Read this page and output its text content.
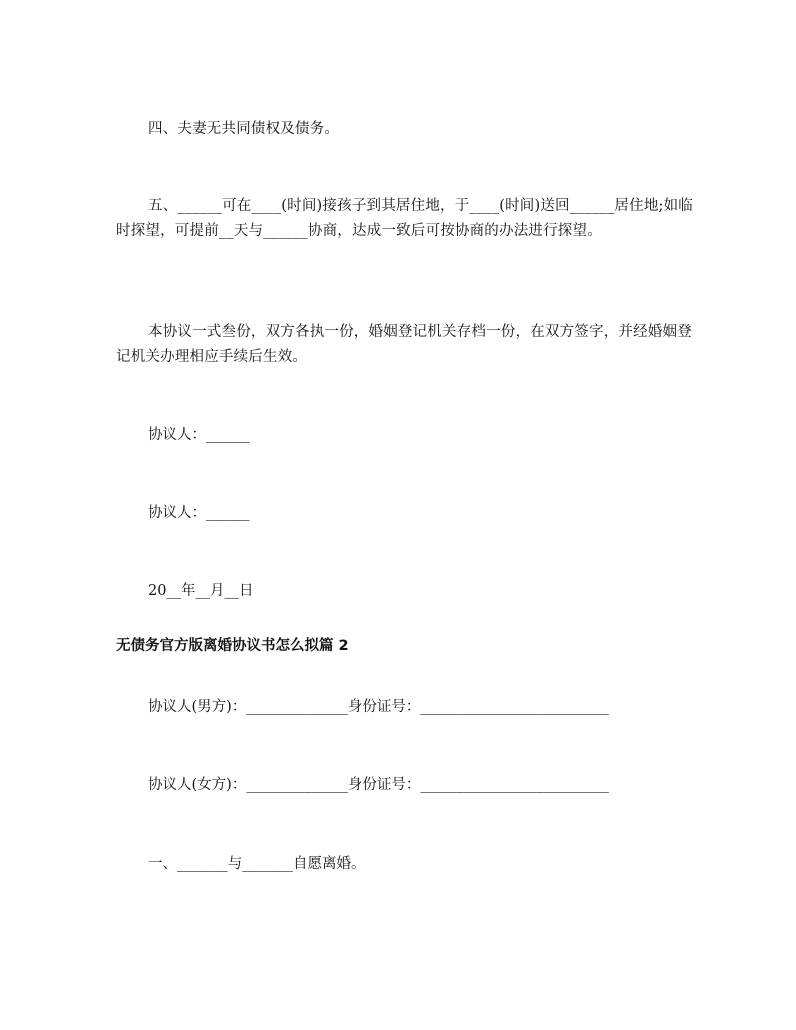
四、夫妻无共同债权及债务。

五、______可在____(时间)接孩子到其居住地，于____(时间)送回______居住地;如临时探望，可提前__天与______协商，达成一致后可按协商的办法进行探望。

本协议一式叁份，双方各执一份，婚姻登记机关存档一份，在双方签字，并经婚姻登记机关办理相应手续后生效。

协议人：______

协议人：______

20__年__月__日

无债务官方版离婚协议书怎么拟篇 2

协议人(男方)：______________身份证号：__________________________

协议人(女方)：______________身份证号：__________________________

一、_______与_______自愿离婚。
